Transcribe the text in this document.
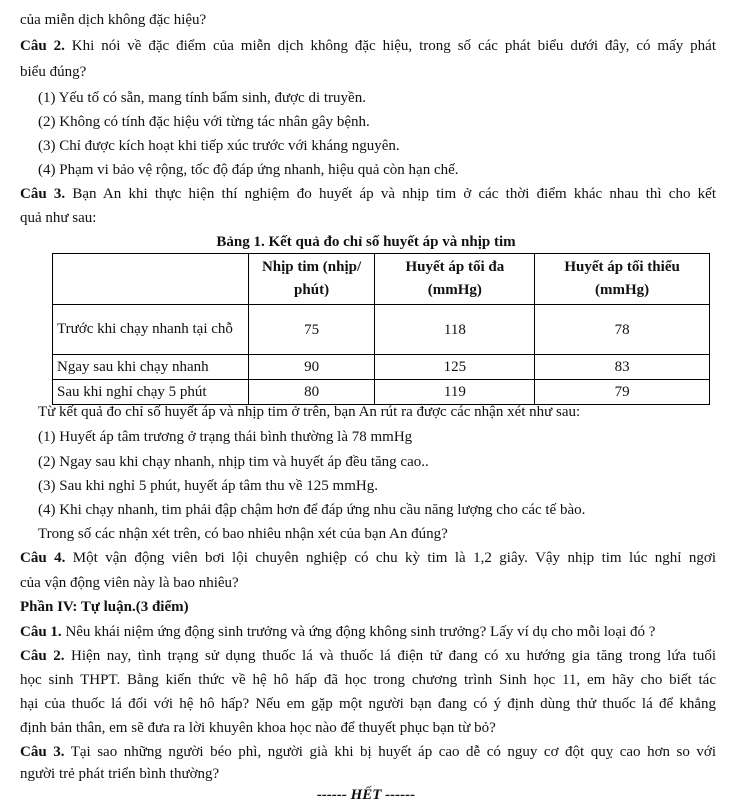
của miễn dịch không đặc hiệu?
Câu 2. Khi nói về đặc điểm của miễn dịch không đặc hiệu, trong số các phát biểu dưới đây, có mấy phát
biểu đúng?
(1) Yếu tố có sẵn, mang tính bẩm sinh, được di truyền.
(2) Không có tính đặc hiệu với từng tác nhân gây bệnh.
(3) Chỉ được kích hoạt khi tiếp xúc trước với kháng nguyên.
(4) Phạm vi bảo vệ rộng, tốc độ đáp ứng nhanh, hiệu quả còn hạn chế.
Câu 3. Bạn An khi thực hiện thí nghiệm đo huyết áp và nhịp tim ở các thời điểm khác nhau thì cho kết
quả như sau:
Bảng 1. Kết quả đo chỉ số huyết áp và nhịp tim
	Nhịp tim (nhịp/ phút)	Huyết áp tối đa (mmHg)	Huyết áp tối thiểu (mmHg)
Trước khi chạy nhanh tại chỗ	75	118	78
Ngay sau khi chạy nhanh	90	125	83
Sau khi nghỉ chạy 5 phút	80	119	79
Từ kết quả đo chỉ số huyết áp và nhịp tim ở trên, bạn An rút ra được các nhận xét như sau:
(1) Huyết áp tâm trương ở trạng thái bình thường là 78 mmHg
(2) Ngay sau khi chạy nhanh, nhịp tim và huyết áp đều tăng cao..
(3) Sau khi nghỉ 5 phút, huyết áp tâm thu về 125 mmHg.
(4) Khi chạy nhanh, tim phải đập chậm hơn để đáp ứng nhu cầu năng lượng cho các tế bào.
Trong số các nhận xét trên, có bao nhiêu nhận xét của bạn An đúng?
Câu 4. Một vận động viên bơi lội chuyên nghiệp có chu kỳ tim là 1,2 giây. Vậy nhịp tim lúc nghỉ ngơi
của vận động viên này là bao nhiêu?
Phần IV: Tự luận.(3 điểm)
Câu 1. Nêu khái niệm ứng động sinh trưởng và ứng động không sinh trưởng? Lấy ví dụ cho mỗi loại đó ?
Câu 2. Hiện nay, tình trạng sử dụng thuốc lá và thuốc lá điện tử đang có xu hướng gia tăng trong lứa tuổi
học sinh THPT. Bằng kiến thức về hệ hô hấp đã học trong chương trình Sinh học 11, em hãy cho biết tác
hại của thuốc lá đối với hệ hô hấp? Nếu em gặp một người bạn đang có ý định dùng thử thuốc lá để khẳng
định bản thân, em sẽ đưa ra lời khuyên khoa học nào để thuyết phục bạn từ bỏ?
Câu 3. Tại sao những người béo phì, người già khi bị huyết áp cao dễ có nguy cơ đột quỵ cao hơn so với
người trẻ phát triển bình thường?
------ HẾT ------
